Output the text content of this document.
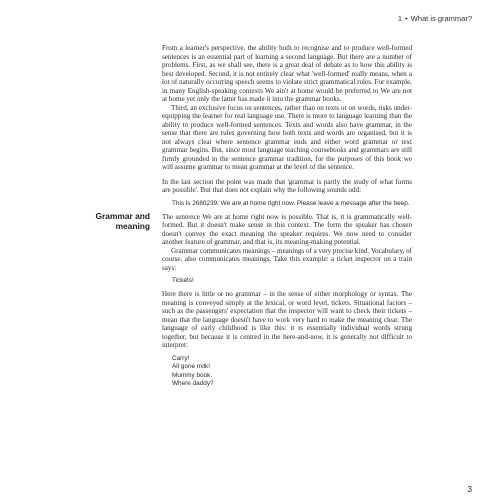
1 • What is grammar?

From a learner's perspective, the ability both to recognise and to produce well-formed sentences is an essential part of learning a second language. But there are a number of problems. First, as we shall see, there is a great deal of debate as to how this ability is best developed. Second, it is not entirely clear what 'well-formed' really means, when a lot of naturally occurring speech seems to violate strict grammatical rules. For example, in many English-speaking contexts We ain't at home would be preferred to We are not at home yet only the latter has made it into the grammar books.

Third, an exclusive focus on sentences, rather than on texts or on words, risks under-equipping the learner for real language use. There is more to language learning than the ability to produce well-formed sentences. Texts and words also have grammar, in the sense that there are rules governing how both texts and words are organised, but it is not always clear where sentence grammar ends and either word grammar or text grammar begins. But, since most language teaching coursebooks and grammars are still firmly grounded in the sentence grammar tradition, for the purposes of this book we will assume grammar to mean grammar at the level of the sentence.

In the last section the point was made that 'grammar is partly the study of what forms are possible'. But that does not explain why the following sounds odd:

This is 2680239. We are at home right now. Please leave a message after the beep.

The sentence We are at home right now is possible. That is, it is grammatically well-formed. But it doesn't make sense in this context. The form the speaker has chosen doesn't convey the exact meaning the speaker requires. We now need to consider another feature of grammar, and that is, its meaning-making potential.

Grammar communicates meanings – meanings of a very precise kind. Vocabulary, of course, also communicates meanings. Take this example: a ticket inspector on a train says:

Tickets!

Here there is little or no grammar – in the sense of either morphology or syntax. The meaning is conveyed simply at the lexical, or word level, tickets. Situational factors – such as the passengers' expectation that the inspector will want to check their tickets – mean that the language doesn't have to work very hard to make the meaning clear. The language of early childhood is like this: it is essentially individual words strung together, but because it is centred in the here-and-now, it is generally not difficult to interpret:

Carry!
All gone milk!
Mummy book.
Where daddy?
Grammar and
meaning
3
